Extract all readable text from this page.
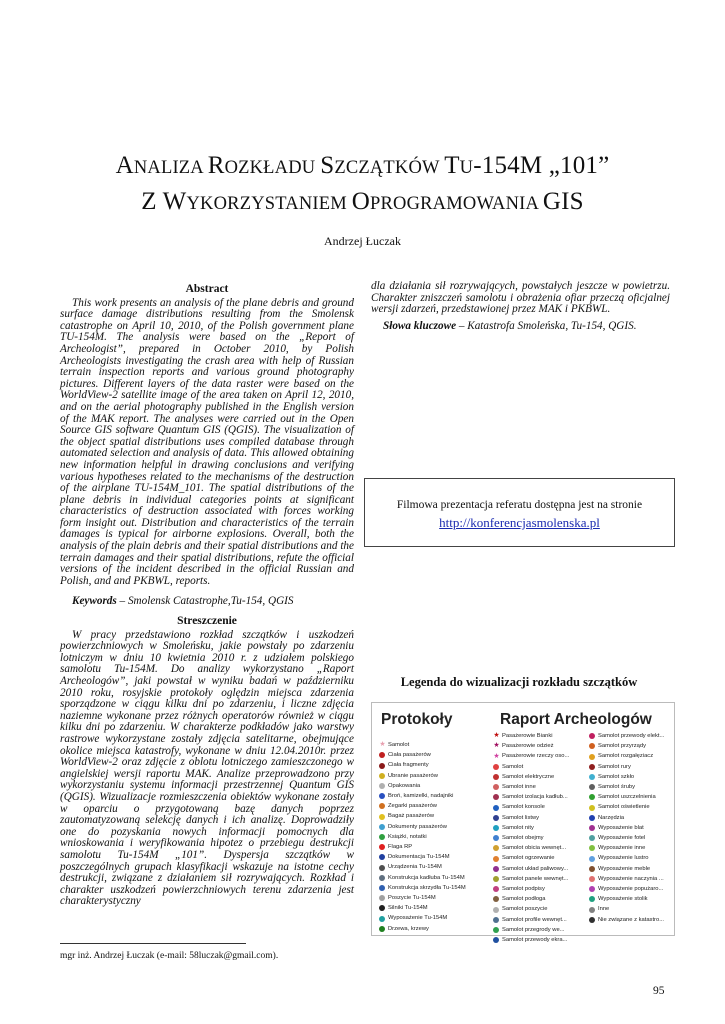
ANALIZA ROZKŁADU SZCZĄTKÓW TU-154M „101”
Z WYKORZYSTANIEM OPROGRAMOWANIA GIS
Andrzej Łuczak
Abstract

This work presents an analysis of the plane debris and ground surface damage distributions resulting from the Smolensk catastrophe on April 10, 2010, of the Polish government plane TU-154M. The analysis were based on the „Report of Archeologist”, prepared in October 2010, by Polish Archeologists investigating the crash area with help of Russian terrain inspection reports and various ground photography pictures. Different layers of the data raster were based on the WorldView-2 satellite image of the area taken on April 12, 2010, and on the aerial photography published in the English version of the MAK report. The analyses were carried out in the Open Source GIS software Quantum GIS (QGIS). The visualization of the object spatial distributions uses compiled database through automated selection and analysis of data. This allowed obtaining new information helpful in drawing conclusions and verifying various hypotheses related to the mechanisms of the destruction of the airplane TU-154M_101. The spatial distributions of the plane debris in individual categories points at significant characteristics of destruction associated with forces working form insight out. Distribution and characteristics of the terrain damages is typical for airborne explosions. Overall, both the analysis of the plain debris and their spatial distributions and the terrain damages and their spatial distributions, refute the official versions of the incident described in the official Russian and Polish, and and PKBWL, reports.

Keywords – Smolensk Catastrophe,Tu-154, QGIS

Streszczenie

W pracy przedstawiono rozkład szczątków i uszkodzeń powierzchniowych w Smoleńsku, jakie powstały po zdarzeniu lotniczym w dniu 10 kwietnia 2010 r. z udziałem polskiego samolotu Tu-154M. Do analizy wykorzystano „Raport Archeologów”, jaki powstał w wyniku badań w październiku 2010 roku, rosyjskie protokoły oględzin miejsca zdarzenia sporządzone w ciągu kilku dni po zdarzeniu, i liczne zdjęcia naziemne wykonane przez różnych operatorów również w ciągu kilku dni po zdarzeniu. W charakterze podkładów jako warstwy rastrowe wykorzystane zostały zdjęcia satelitarne, obejmujące okolice miejsca katastrofy, wykonane w dniu 12.04.2010r. przez WorldView-2 oraz zdjęcie z oblotu lotniczego zamieszczonego w angielskiej wersji raportu MAK. Analize przeprowadzono przy wykorzystaniu systemu informacji przestrzennej Quantum GIS (QGIS). Wizualizacje rozmieszczenia obiektów wykonane zostały w oparciu o przygotowaną bazę danych poprzez zautomatyzowaną selekcję danych i ich analizę. Doprowadziły one do pozyskania nowych informacji pomocnych dla wnioskowania i weryfikowania hipotez o przebiegu destrukcji samolotu Tu-154M „101”. Dyspersja szczątków w poszczególnych grupach klasyfikacji wskazuje na istotne cechy destrukcji, związane z działaniem sił rozrywających. Rozkład i charakter uszkodzeń powierzchniowych terenu zdarzenia jest charakterystyczny

dla działania sił rozrywających, powstałych jeszcze w powietrzu. Charakter zniszczeń samolotu i obrażenia ofiar przeczą oficjalnej wersji zdarzeń, przedstawionej przez MAK i PKBWL.

Słowa kluczowe – Katastrofa Smoleńska, Tu-154, QGIS.

Filmowa prezentacja referatu dostępna jest na stronie
http://konferencjasmolenska.pl
Legenda do wizualizacji rozkładu szczątków
Protokoły	Raport Archeologów
★ Samolot
Ciała pasażerów
Ciała fragmenty
Ubranie pasażerów
Opakowania
Broń, kamizelki, nadajniki
Zegarki pasażerów
Bagaż pasażerów
Dokumenty pasażerów
Książki, notatki
Flaga RP
Dokumentacja Tu-154M
Urządzenia Tu-154M
Konstrukcja kadłuba Tu-154M
Konstrukcja skrzydła Tu-154M
Poszycie Tu-154M
Silniki Tu-154M
Wyposażenie Tu-154M
Drzewa, krzewy
★ Pasażerowie Bianki
★ Pasażerowie odzież
★ Pasażerowie rzeczy oso...
Samolot
Samolot elektryczne
Samolot inne
Samolot izolacja kadłub...
Samolot konsole
Samolot listwy
Samolot nity
Samolot obejmy
Samolot obicia wewnęt...
Samolot ogrzewanie
Samolot układ paliwowy...
Samolot panele wewnęt...
Samolot podpisy
Samolot podłoga
Samolot poszycie
Samolot profile wewnęt...
Samolot przegrody we...
Samolot przewody ekra...
Samolot przewody elekt...
Samolot przyrządy
Samolot rozgałęziacz
Samolot rury
Samolot szkło
Samolot śruby
Samolot uszczelnienia
Samolot oświetlenie
Narzędzia
Wyposażenie blat
Wyposażenie fotel
Wyposażenie inne
Wyposażenie lustro
Wyposażenie meble
Wyposażenie naczynia ...
Wyposażenie popużaro...
Wyposażenie stolik
Inne
Nie związane z katastro...
mgr inż. Andrzej Łuczak (e-mail: 58luczak@gmail.com).
95
